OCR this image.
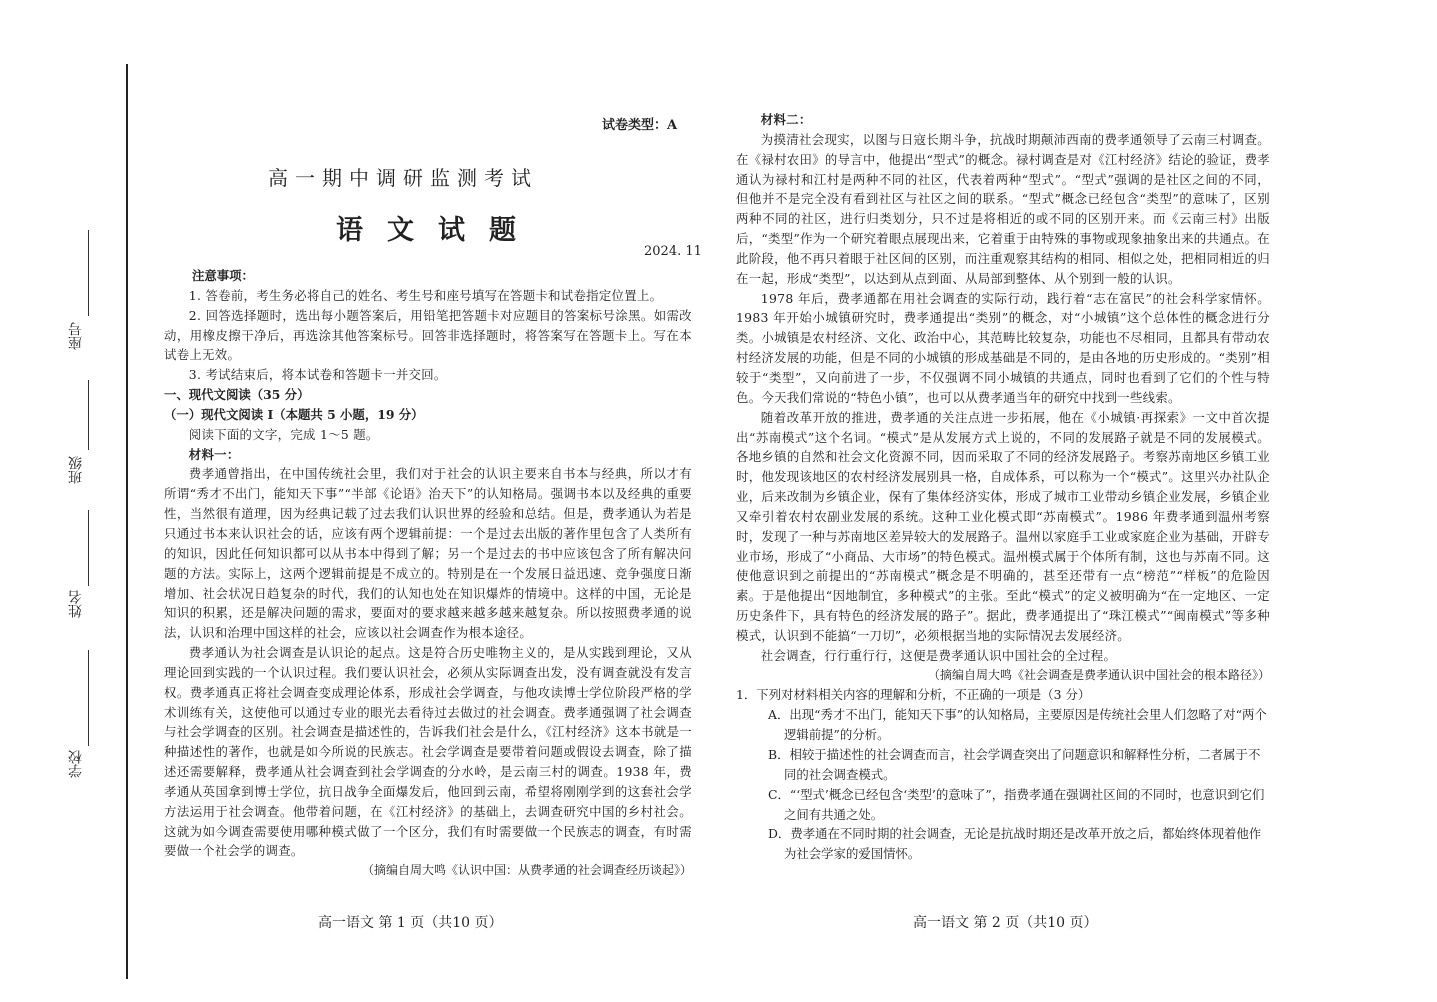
座号
班级
姓名
学校
试卷类型：A
高一期中调研监测考试
语文试题
2024. 11

注意事项：

1. 答卷前，考生务必将自己的姓名、考生号和座号填写在答题卡和试卷指定位置上。

2. 回答选择题时，选出每小题答案后，用铅笔把答题卡对应题目的答案标号涂黑。如需改动，用橡皮擦干净后，再选涂其他答案标号。回答非选择题时，将答案写在答题卡上。写在本试卷上无效。

3. 考试结束后，将本试卷和答题卡一并交回。

一、现代文阅读（35 分）

（一）现代文阅读 I（本题共 5 小题，19 分）

阅读下面的文字，完成 1～5 题。

材料一：

费孝通曾指出，在中国传统社会里，我们对于社会的认识主要来自书本与经典，所以才有所谓“秀才不出门，能知天下事”“半部《论语》治天下”的认知格局。强调书本以及经典的重要性，当然很有道理，因为经典记载了过去我们认识世界的经验和总结。但是，费孝通认为若是只通过书本来认识社会的话，应该有两个逻辑前提：一个是过去出版的著作里包含了人类所有的知识，因此任何知识都可以从书本中得到了解；另一个是过去的书中应该包含了所有解决问题的方法。实际上，这两个逻辑前提是不成立的。特别是在一个发展日益迅速、竞争强度日渐增加、社会状况日趋复杂的时代，我们的认知也处在知识爆炸的情境中。这样的中国，无论是知识的积累，还是解决问题的需求，要面对的要求越来越多越来越复杂。所以按照费孝通的说法，认识和治理中国这样的社会，应该以社会调查作为根本途径。

费孝通认为社会调查是认识论的起点。这是符合历史唯物主义的，是从实践到理论，又从理论回到实践的一个认识过程。我们要认识社会，必须从实际调查出发，没有调查就没有发言权。费孝通真正将社会调查变成理论体系，形成社会学调查，与他攻读博士学位阶段严格的学术训练有关，这使他可以通过专业的眼光去看待过去做过的社会调查。费孝通强调了社会调查与社会学调查的区别。社会调查是描述性的，告诉我们社会是什么，《江村经济》这本书就是一种描述性的著作，也就是如今所说的民族志。社会学调查是要带着问题或假设去调查，除了描述还需要解释，费孝通从社会调查到社会学调查的分水岭，是云南三村的调查。1938 年，费孝通从英国拿到博士学位，抗日战争全面爆发后，他回到云南，希望将刚刚学到的这套社会学方法运用于社会调查。他带着问题，在《江村经济》的基础上，去调查研究中国的乡村社会。这就为如今调查需要使用哪种模式做了一个区分，我们有时需要做一个民族志的调查，有时需要做一个社会学的调查。

（摘编自周大鸣《认识中国：从费孝通的社会调查经历谈起》）

材料二：

为摸清社会现实，以图与日寇长期斗争，抗战时期颠沛西南的费孝通领导了云南三村调查。在《禄村农田》的导言中，他提出“型式”的概念。禄村调查是对《江村经济》结论的验证，费孝通认为禄村和江村是两种不同的社区，代表着两种“型式”。“型式”强调的是社区之间的不同，但他并不是完全没有看到社区与社区之间的联系。“型式”概念已经包含“类型”的意味了，区别两种不同的社区，进行归类划分，只不过是将相近的或不同的区别开来。而《云南三村》出版后，“类型”作为一个研究着眼点展现出来，它着重于由特殊的事物或现象抽象出来的共通点。在此阶段，他不再只着眼于社区间的区别，而注重观察其结构的相同、相似之处，把相同相近的归在一起，形成“类型”，以达到从点到面、从局部到整体、从个别到一般的认识。

1978 年后，费孝通都在用社会调查的实际行动，践行着“志在富民”的社会科学家情怀。1983 年开始小城镇研究时，费孝通提出“类别”的概念，对“小城镇”这个总体性的概念进行分类。小城镇是农村经济、文化、政治中心，其范畴比较复杂，功能也不尽相同，且都具有带动农村经济发展的功能，但是不同的小城镇的形成基础是不同的，是由各地的历史形成的。“类别”相较于“类型”，又向前进了一步，不仅强调不同小城镇的共通点，同时也看到了它们的个性与特色。今天我们常说的“特色小镇”，也可以从费孝通当年的研究中找到一些线索。

随着改革开放的推进，费孝通的关注点进一步拓展，他在《小城镇·再探索》一文中首次提出“苏南模式”这个名词。“模式”是从发展方式上说的，不同的发展路子就是不同的发展模式。各地乡镇的自然和社会文化资源不同，因而采取了不同的经济发展路子。考察苏南地区乡镇工业时，他发现该地区的农村经济发展别具一格，自成体系，可以称为一个“模式”。这里兴办社队企业，后来改制为乡镇企业，保有了集体经济实体，形成了城市工业带动乡镇企业发展，乡镇企业又牵引着农村农副业发展的系统。这种工业化模式即“苏南模式”。1986 年费孝通到温州考察时，发现了一种与苏南地区差异较大的发展路子。温州以家庭手工业或家庭企业为基础，开辟专业市场，形成了“小商品、大市场”的特色模式。温州模式属于个体所有制，这也与苏南不同。这使他意识到之前提出的“苏南模式”概念是不明确的，甚至还带有一点“榜范”“样板”的危险因素。于是他提出“因地制宜，多种模式”的主张。至此“模式”的定义被明确为“在一定地区、一定历史条件下，具有特色的经济发展的路子”。据此，费孝通提出了“珠江模式”“闽南模式”等多种模式，认识到不能搞“一刀切”，必须根据当地的实际情况去发展经济。

社会调查，行行重行行，这便是费孝通认识中国社会的全过程。

（摘编自周大鸣《社会调查是费孝通认识中国社会的根本路径》）

1．下列对材料相关内容的理解和分析，不正确的一项是（3 分）

A．出现“秀才不出门，能知天下事”的认知格局，主要原因是传统社会里人们忽略了对“两个逻辑前提”的分析。

B．相较于描述性的社会调查而言，社会学调查突出了问题意识和解释性分析，二者属于不同的社会调查模式。

C．“‘型式’概念已经包含‘类型’的意味了”，指费孝通在强调社区间的不同时，也意识到它们之间有共通之处。

D．费孝通在不同时期的社会调查，无论是抗战时期还是改革开放之后，都始终体现着他作为社会学家的爱国情怀。

高一语文 第 1 页（共10 页）	高一语文 第 2 页（共10 页）
